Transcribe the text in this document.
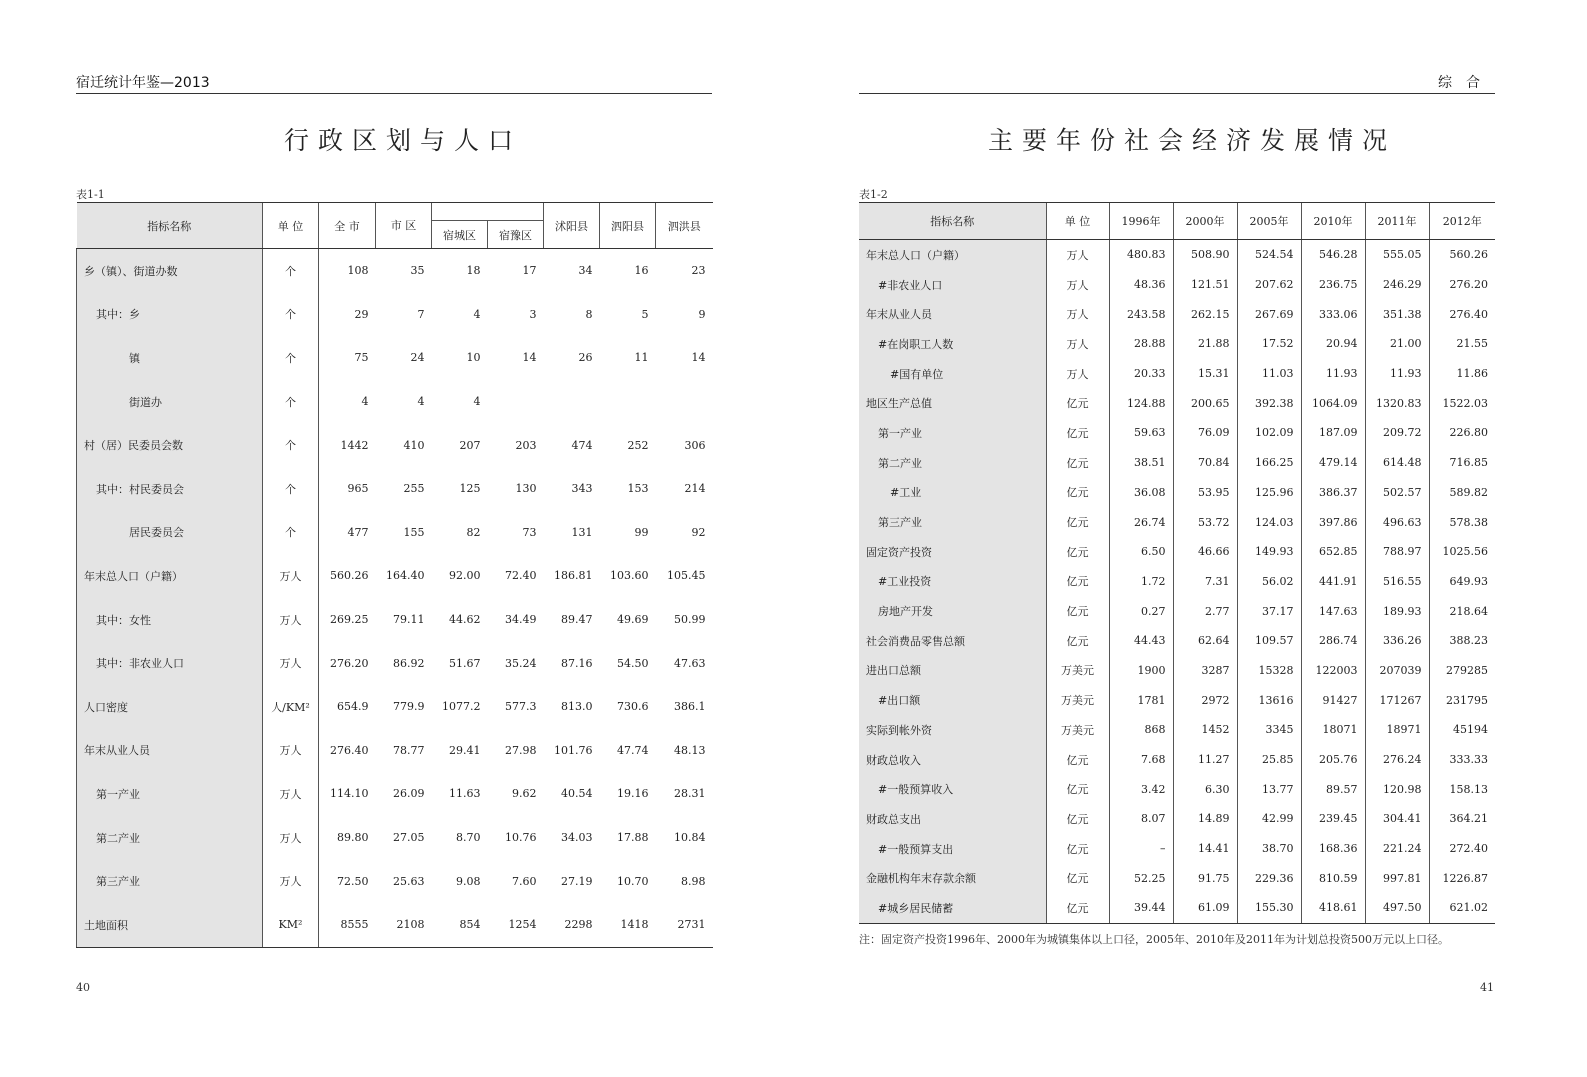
宿迁统计年鉴—2013
行政区划与人口
表1-1
指标名称	单 位	全 市	市 区			沭阳县	泗阳县	泗洪县
				宿城区	宿豫区			
乡（镇）、街道办数	个	108	35	18	17	34	16	23
其中：乡	个	29	7	4	3	8	5	9
镇	个	75	24	10	14	26	11	14
街道办	个	4	4	4				
村（居）民委员会数	个	1442	410	207	203	474	252	306
其中：村民委员会	个	965	255	125	130	343	153	214
居民委员会	个	477	155	82	73	131	99	92
年末总人口（户籍）	万人	560.26	164.40	92.00	72.40	186.81	103.60	105.45
其中：女性	万人	269.25	79.11	44.62	34.49	89.47	49.69	50.99
其中：非农业人口	万人	276.20	86.92	51.67	35.24	87.16	54.50	47.63
人口密度	人/KM²	654.9	779.9	1077.2	577.3	813.0	730.6	386.1
年末从业人员	万人	276.40	78.77	29.41	27.98	101.76	47.74	48.13
第一产业	万人	114.10	26.09	11.63	9.62	40.54	19.16	28.31
第二产业	万人	89.80	27.05	8.70	10.76	34.03	17.88	10.84
第三产业	万人	72.50	25.63	9.08	7.60	27.19	10.70	8.98
土地面积	KM²	8555	2108	854	1254	2298	1418	2731
40
综合
主要年份社会经济发展情况
表1-2
注：固定资产投资1996年、2000年为城镇集体以上口径，2005年、2010年及2011年为计划总投资500万元以上口径。
41
指标名称	单 位	1996年	2000年	2005年	2010年	2011年	2012年
年末总人口（户籍）	万人	480.83	508.90	524.54	546.28	555.05	560.26
#非农业人口	万人	48.36	121.51	207.62	236.75	246.29	276.20
年末从业人员	万人	243.58	262.15	267.69	333.06	351.38	276.40
#在岗职工人数	万人	28.88	21.88	17.52	20.94	21.00	21.55
#国有单位	万人	20.33	15.31	11.03	11.93	11.93	11.86
地区生产总值	亿元	124.88	200.65	392.38	1064.09	1320.83	1522.03
第一产业	亿元	59.63	76.09	102.09	187.09	209.72	226.80
第二产业	亿元	38.51	70.84	166.25	479.14	614.48	716.85
#工业	亿元	36.08	53.95	125.96	386.37	502.57	589.82
第三产业	亿元	26.74	53.72	124.03	397.86	496.63	578.38
固定资产投资	亿元	6.50	46.66	149.93	652.85	788.97	1025.56
#工业投资	亿元	1.72	7.31	56.02	441.91	516.55	649.93
房地产开发	亿元	0.27	2.77	37.17	147.63	189.93	218.64
社会消费品零售总额	亿元	44.43	62.64	109.57	286.74	336.26	388.23
进出口总额	万美元	1900	3287	15328	122003	207039	279285
#出口额	万美元	1781	2972	13616	91427	171267	231795
实际到帐外资	万美元	868	1452	3345	18071	18971	45194
财政总收入	亿元	7.68	11.27	25.85	205.76	276.24	333.33
#一般预算收入	亿元	3.42	6.30	13.77	89.57	120.98	158.13
财政总支出	亿元	8.07	14.89	42.99	239.45	304.41	364.21
#一般预算支出	亿元	–	14.41	38.70	168.36	221.24	272.40
金融机构年末存款余额	亿元	52.25	91.75	229.36	810.59	997.81	1226.87
#城乡居民储蓄	亿元	39.44	61.09	155.30	418.61	497.50	621.02
